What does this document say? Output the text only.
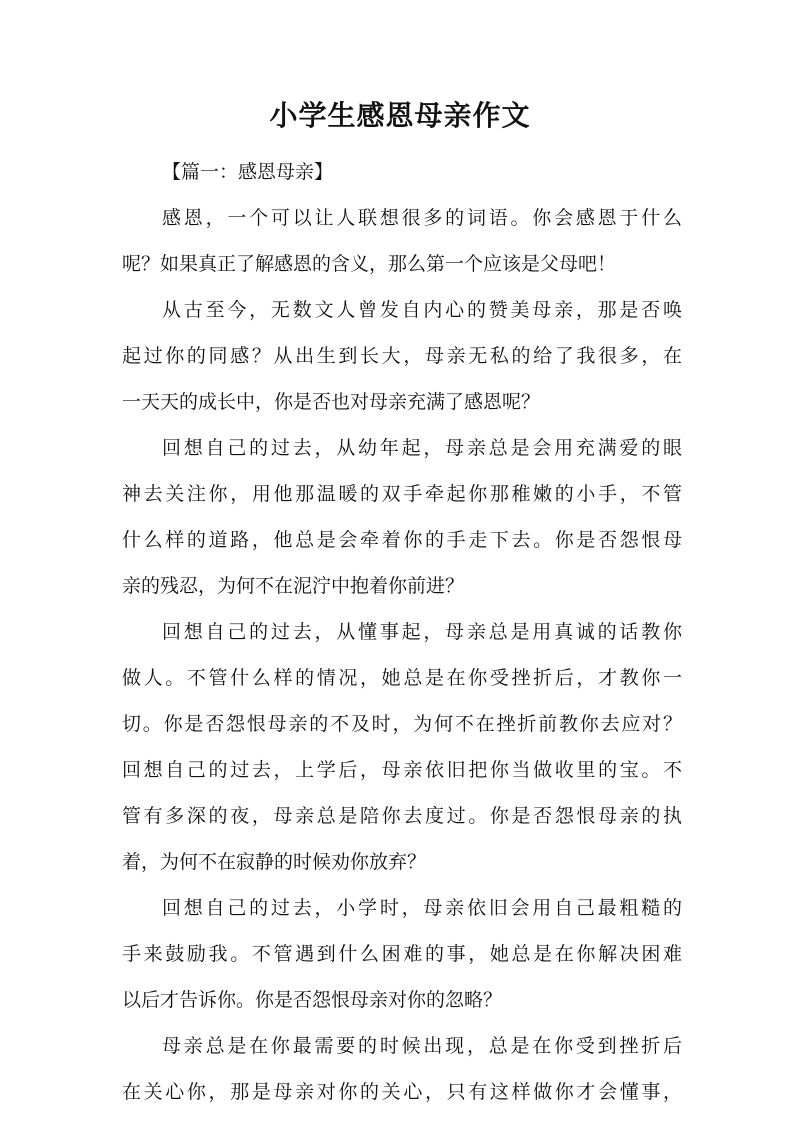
小学生感恩母亲作文

【篇一：感恩母亲】

感恩，一个可以让人联想很多的词语。你会感恩于什么
呢？如果真正了解感恩的含义，那么第一个应该是父母吧！

从古至今，无数文人曾发自内心的赞美母亲，那是否唤
起过你的同感？从出生到长大，母亲无私的给了我很多，在
一天天的成长中，你是否也对母亲充满了感恩呢？

回想自己的过去，从幼年起，母亲总是会用充满爱的眼
神去关注你，用他那温暖的双手牵起你那稚嫩的小手，不管
什么样的道路，他总是会牵着你的手走下去。你是否怨恨母
亲的残忍，为何不在泥泞中抱着你前进？

回想自己的过去，从懂事起，母亲总是用真诚的话教你
做人。不管什么样的情况，她总是在你受挫折后，才教你一
切。你是否怨恨母亲的不及时，为何不在挫折前教你去应对？
回想自己的过去，上学后，母亲依旧把你当做收里的宝。不
管有多深的夜，母亲总是陪你去度过。你是否怨恨母亲的执
着，为何不在寂静的时候劝你放弃？

回想自己的过去，小学时，母亲依旧会用自己最粗糙的
手来鼓励我。不管遇到什么困难的事，她总是在你解决困难
以后才告诉你。你是否怨恨母亲对你的忽略？

母亲总是在你最需要的时候出现，总是在你受到挫折后
在关心你，那是母亲对你的关心，只有这样做你才会懂事，
